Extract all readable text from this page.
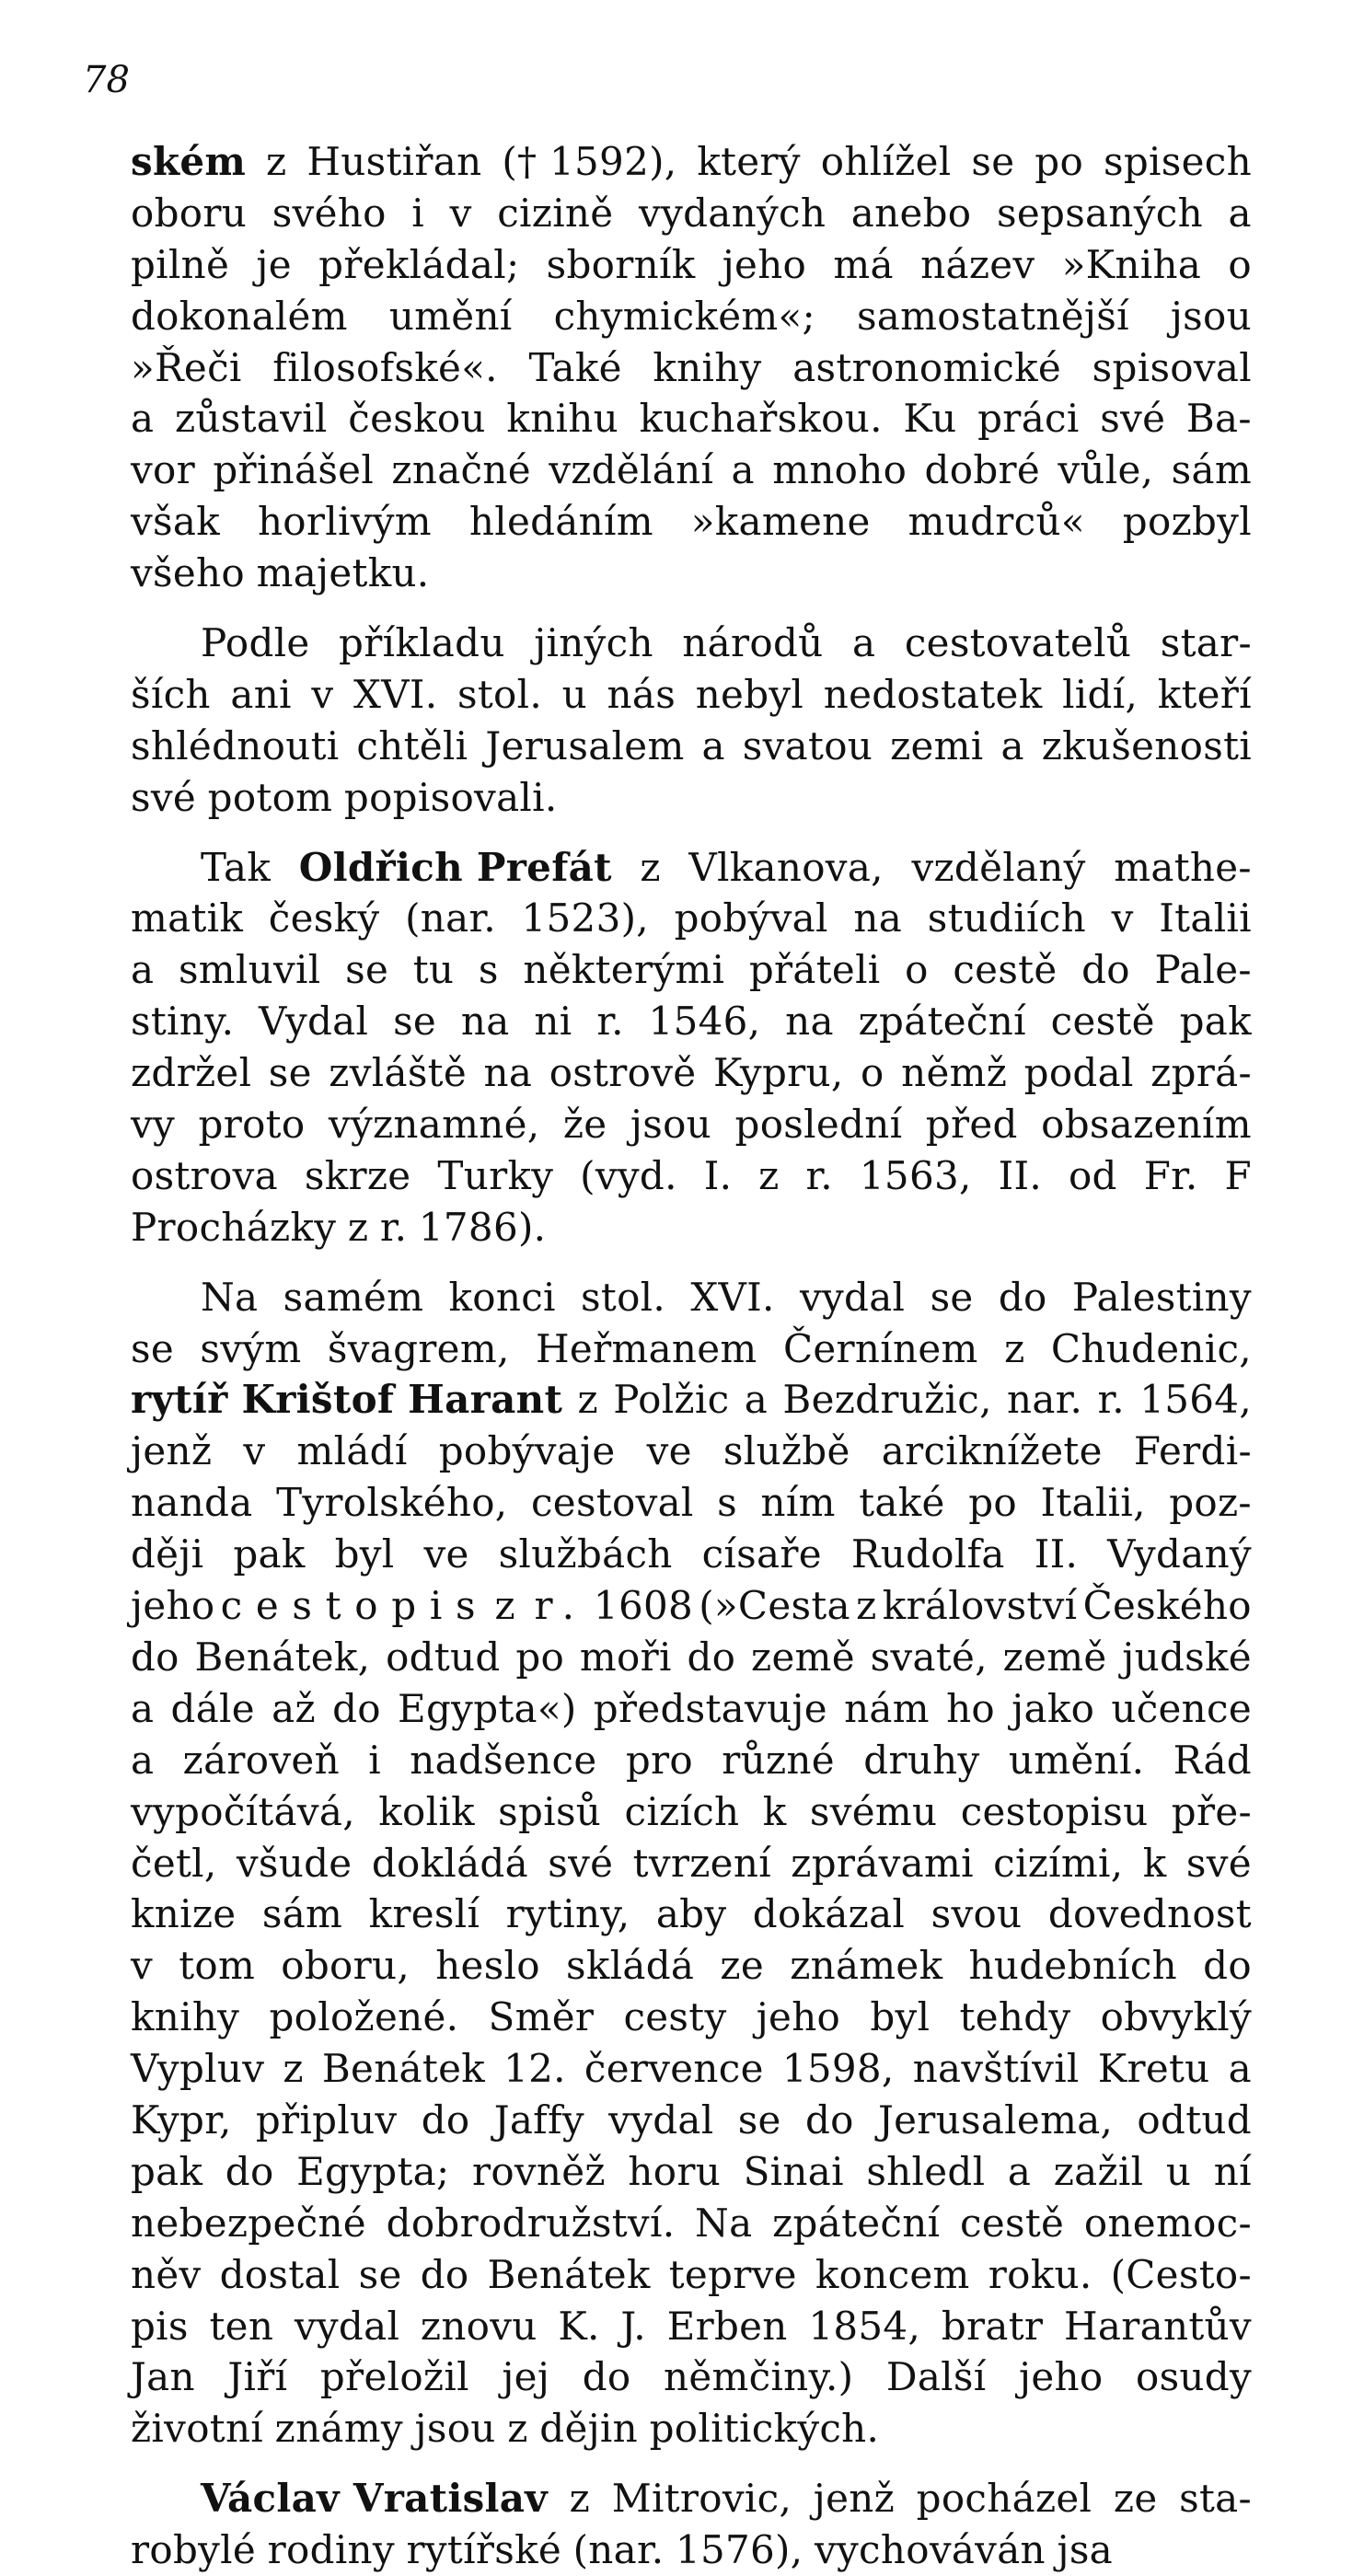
78
ském z Hustiřan († 1592), který ohlížel se po spisech
oboru svého i v cizině vydaných anebo sepsaných a
pilně je překládal; sborník jeho má název »Kniha o
dokonalém umění chymickém«; samostatnější jsou
»Řeči filosofské«. Také knihy astronomické spisoval
a zůstavil českou knihu kuchařskou. Ku práci své Ba-
vor přinášel značné vzdělání a mnoho dobré vůle, sám
však horlivým hledáním »kamene mudrců« pozbyl
všeho majetku.
Podle příkladu jiných národů a cestovatelů star-
ších ani v XVI. stol. u nás nebyl nedostatek lidí, kteří
shlédnouti chtěli Jerusalem a svatou zemi a zkušenosti
své potom popisovali.
Tak Oldřich Prefát z Vlkanova, vzdělaný mathe-
matik český (nar. 1523), pobýval na studiích v Italii
a smluvil se tu s některými přáteli o cestě do Pale-
stiny. Vydal se na ni r. 1546, na zpáteční cestě pak
zdržel se zvláště na ostrově Kypru, o němž podal zprá-
vy proto významné, že jsou poslední před obsazením
ostrova skrze Turky (vyd. I. z r. 1563, II. od Fr. F
Procházky z r. 1786).
Na samém konci stol. XVI. vydal se do Palestiny
se svým švagrem, Heřmanem Černínem z Chudenic,
rytíř Krištof Harant z Polžic a Bezdružic, nar. r. 1564,
jenž v mládí pobývaje ve službě arciknížete Ferdi-
nanda Tyrolského, cestoval s ním také po Italii, poz-
ději pak byl ve službách císaře Rudolfa II. Vydaný
jeho cestopis z r. 1608 (»Cesta z království Českého
do Benátek, odtud po moři do země svaté, země judské
a dále až do Egypta«) představuje nám ho jako učence
a zároveň i nadšence pro různé druhy umění. Rád
vypočítává, kolik spisů cizích k svému cestopisu pře-
četl, všude dokládá své tvrzení zprávami cizími, k své
knize sám kreslí rytiny, aby dokázal svou dovednost
v tom oboru, heslo skládá ze známek hudebních do
knihy položené. Směr cesty jeho byl tehdy obvyklý
Vypluv z Benátek 12. července 1598, navštívil Kretu a
Kypr, připluv do Jaffy vydal se do Jerusalema, odtud
pak do Egypta; rovněž horu Sinai shledl a zažil u ní
nebezpečné dobrodružství. Na zpáteční cestě onemoc-
něv dostal se do Benátek teprve koncem roku. (Cesto-
pis ten vydal znovu K. J. Erben 1854, bratr Harantův
Jan Jiří přeložil jej do němčiny.) Další jeho osudy
životní známy jsou z dějin politických.
Václav Vratislav z Mitrovic, jenž pocházel ze sta-
robylé rodiny rytířské (nar. 1576), vychováván jsa
